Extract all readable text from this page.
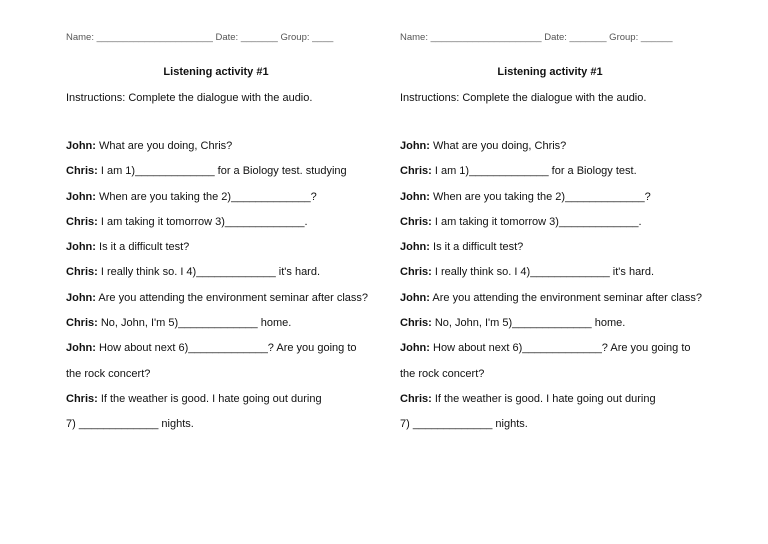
Name: ______________________ Date: _______ Group: ____
Listening activity #1
Instructions: Complete the dialogue with the audio.
John: What are you doing, Chris?
Chris: I am 1)_____________ for a Biology test. studying
John: When are you taking the 2)_____________?
Chris: I am taking it tomorrow 3)_____________.
John: Is it a difficult test?
Chris: I really think so. I 4)_____________ it's hard.
John: Are you attending the environment seminar after class?
Chris: No, John, I'm 5)_____________ home.
John: How about next 6)_____________? Are you going to
the rock concert?
Chris: If the weather is good. I hate going out during
7) _____________ nights.
Name: _____________________ Date: _______ Group: ______
Listening activity #1
Instructions: Complete the dialogue with the audio.
John: What are you doing, Chris?
Chris: I am 1)_____________ for a Biology test.
John: When are you taking the 2)_____________?
Chris: I am taking it tomorrow 3)_____________.
John: Is it a difficult test?
Chris: I really think so. I 4)_____________ it's hard.
John: Are you attending the environment seminar after class?
Chris: No, John, I'm 5)_____________ home.
John: How about next 6)_____________? Are you going to
the rock concert?
Chris: If the weather is good. I hate going out during
7) _____________ nights.
